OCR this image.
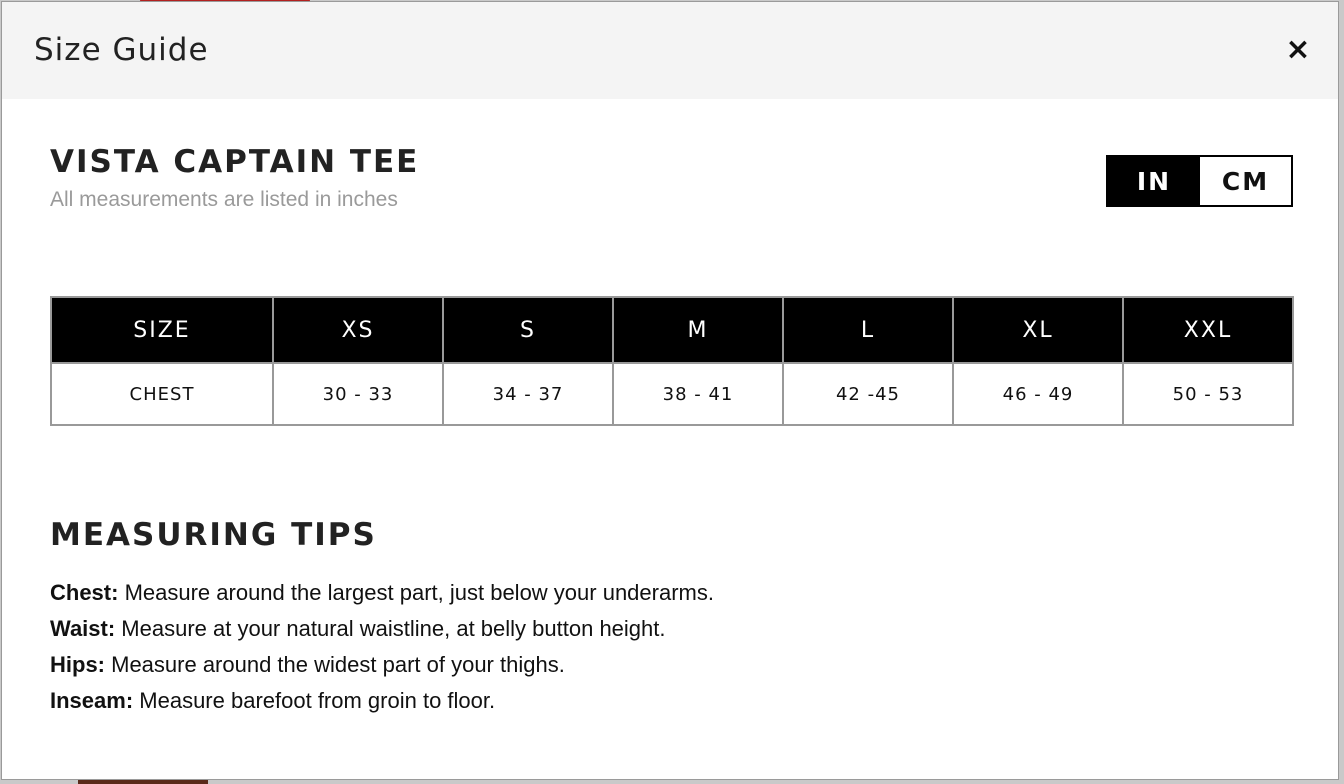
Size Guide	×
VISTA CAPTAIN TEE
All measurements are listed in inches
IN	CM
SIZE	XS	S	M	L	XL	XXL
CHEST	30 - 33	34 - 37	38 - 41	42 -45	46 - 49	50 - 53
MEASURING TIPS
Chest: Measure around the largest part, just below your underarms.
Waist: Measure at your natural waistline, at belly button height.
Hips: Measure around the widest part of your thighs.
Inseam: Measure barefoot from groin to floor.
